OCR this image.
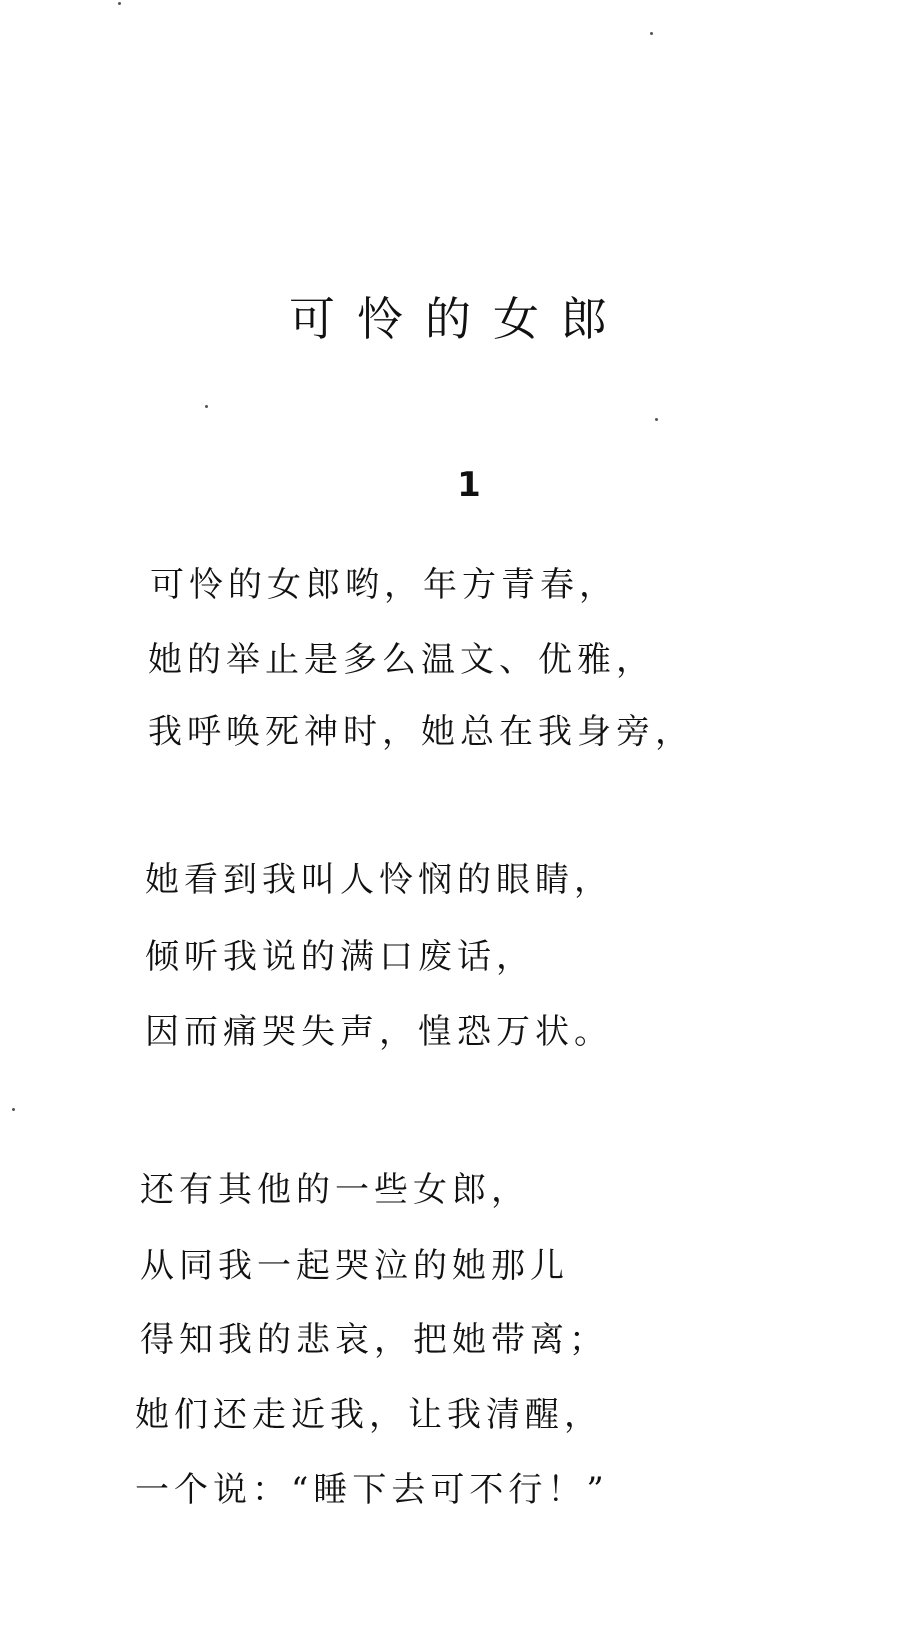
可怜的女郎
1
可怜的女郎哟，年方青春，
她的举止是多么温文、优雅，
我呼唤死神时，她总在我身旁，
她看到我叫人怜悯的眼睛，
倾听我说的满口废话，
因而痛哭失声，惶恐万状。
还有其他的一些女郎，
从同我一起哭泣的她那儿
得知我的悲哀，把她带离；
她们还走近我，让我清醒，
一个说：“睡下去可不行！”
